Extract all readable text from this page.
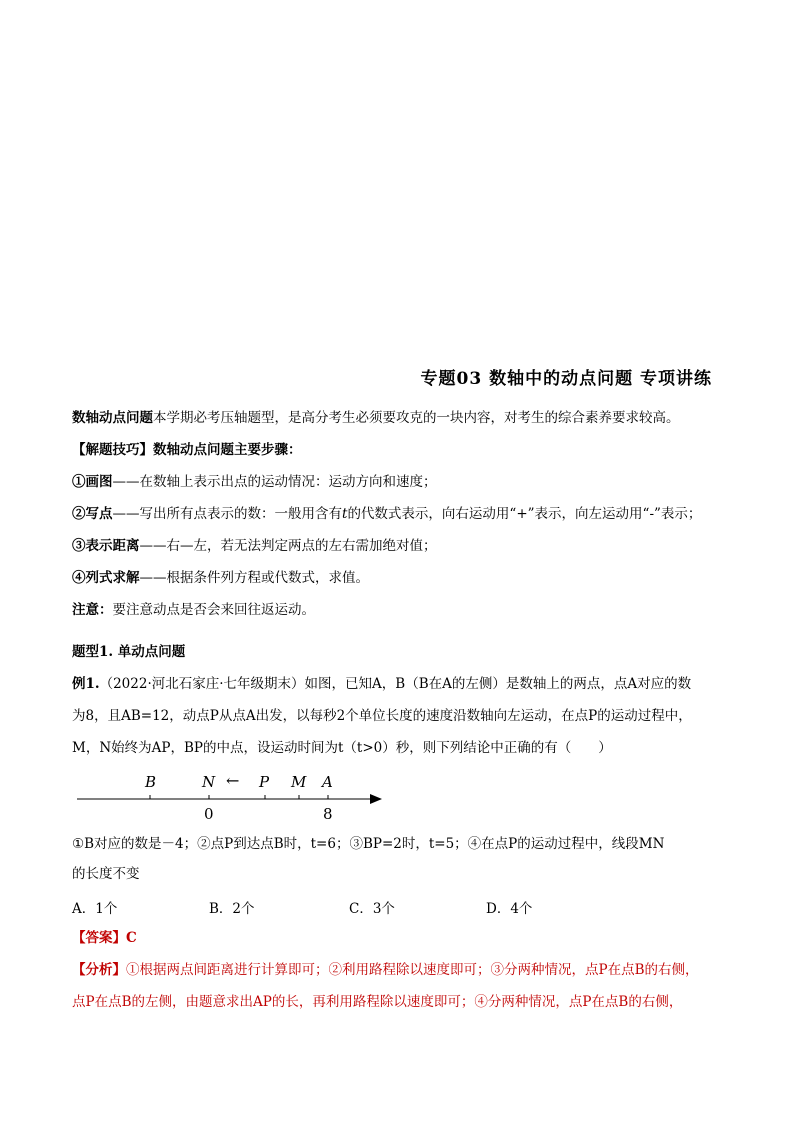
专题03 数轴中的动点问题 专项讲练
数轴动点问题本学期必考压轴题型，是高分考生必须要攻克的一块内容，对考生的综合素养要求较高。
【解题技巧】数轴动点问题主要步骤：
①画图——在数轴上表示出点的运动情况：运动方向和速度；
②写点——写出所有点表示的数：一般用含有t的代数式表示，向右运动用“+”表示，向左运动用“-”表示；
③表示距离——右—左，若无法判定两点的左右需加绝对值；
④列式求解——根据条件列方程或代数式，求值。
注意：要注意动点是否会来回往返运动。
题型1. 单动点问题
例1.（2022·河北石家庄·七年级期末）如图，已知A，B（B在A的左侧）是数轴上的两点，点A对应的数
为8，且AB=12，动点P从点A出发，以每秒2个单位长度的速度沿数轴向左运动，在点P的运动过程中，
M，N始终为AP，BP的中点，设运动时间为t（t>0）秒，则下列结论中正确的有（　　）
B	N ← P M A
0	8
①B对应的数是－4；②点P到达点B时，t=6；③BP=2时，t=5；④在点P的运动过程中，线段MN
的长度不变
A．1个	B．2个	C．3个	D．4个
【答案】C
【分析】①根据两点间距离进行计算即可；②利用路程除以速度即可；③分两种情况，点P在点B的右侧，
点P在点B的左侧，由题意求出AP的长，再利用路程除以速度即可；④分两种情况，点P在点B的右侧，
